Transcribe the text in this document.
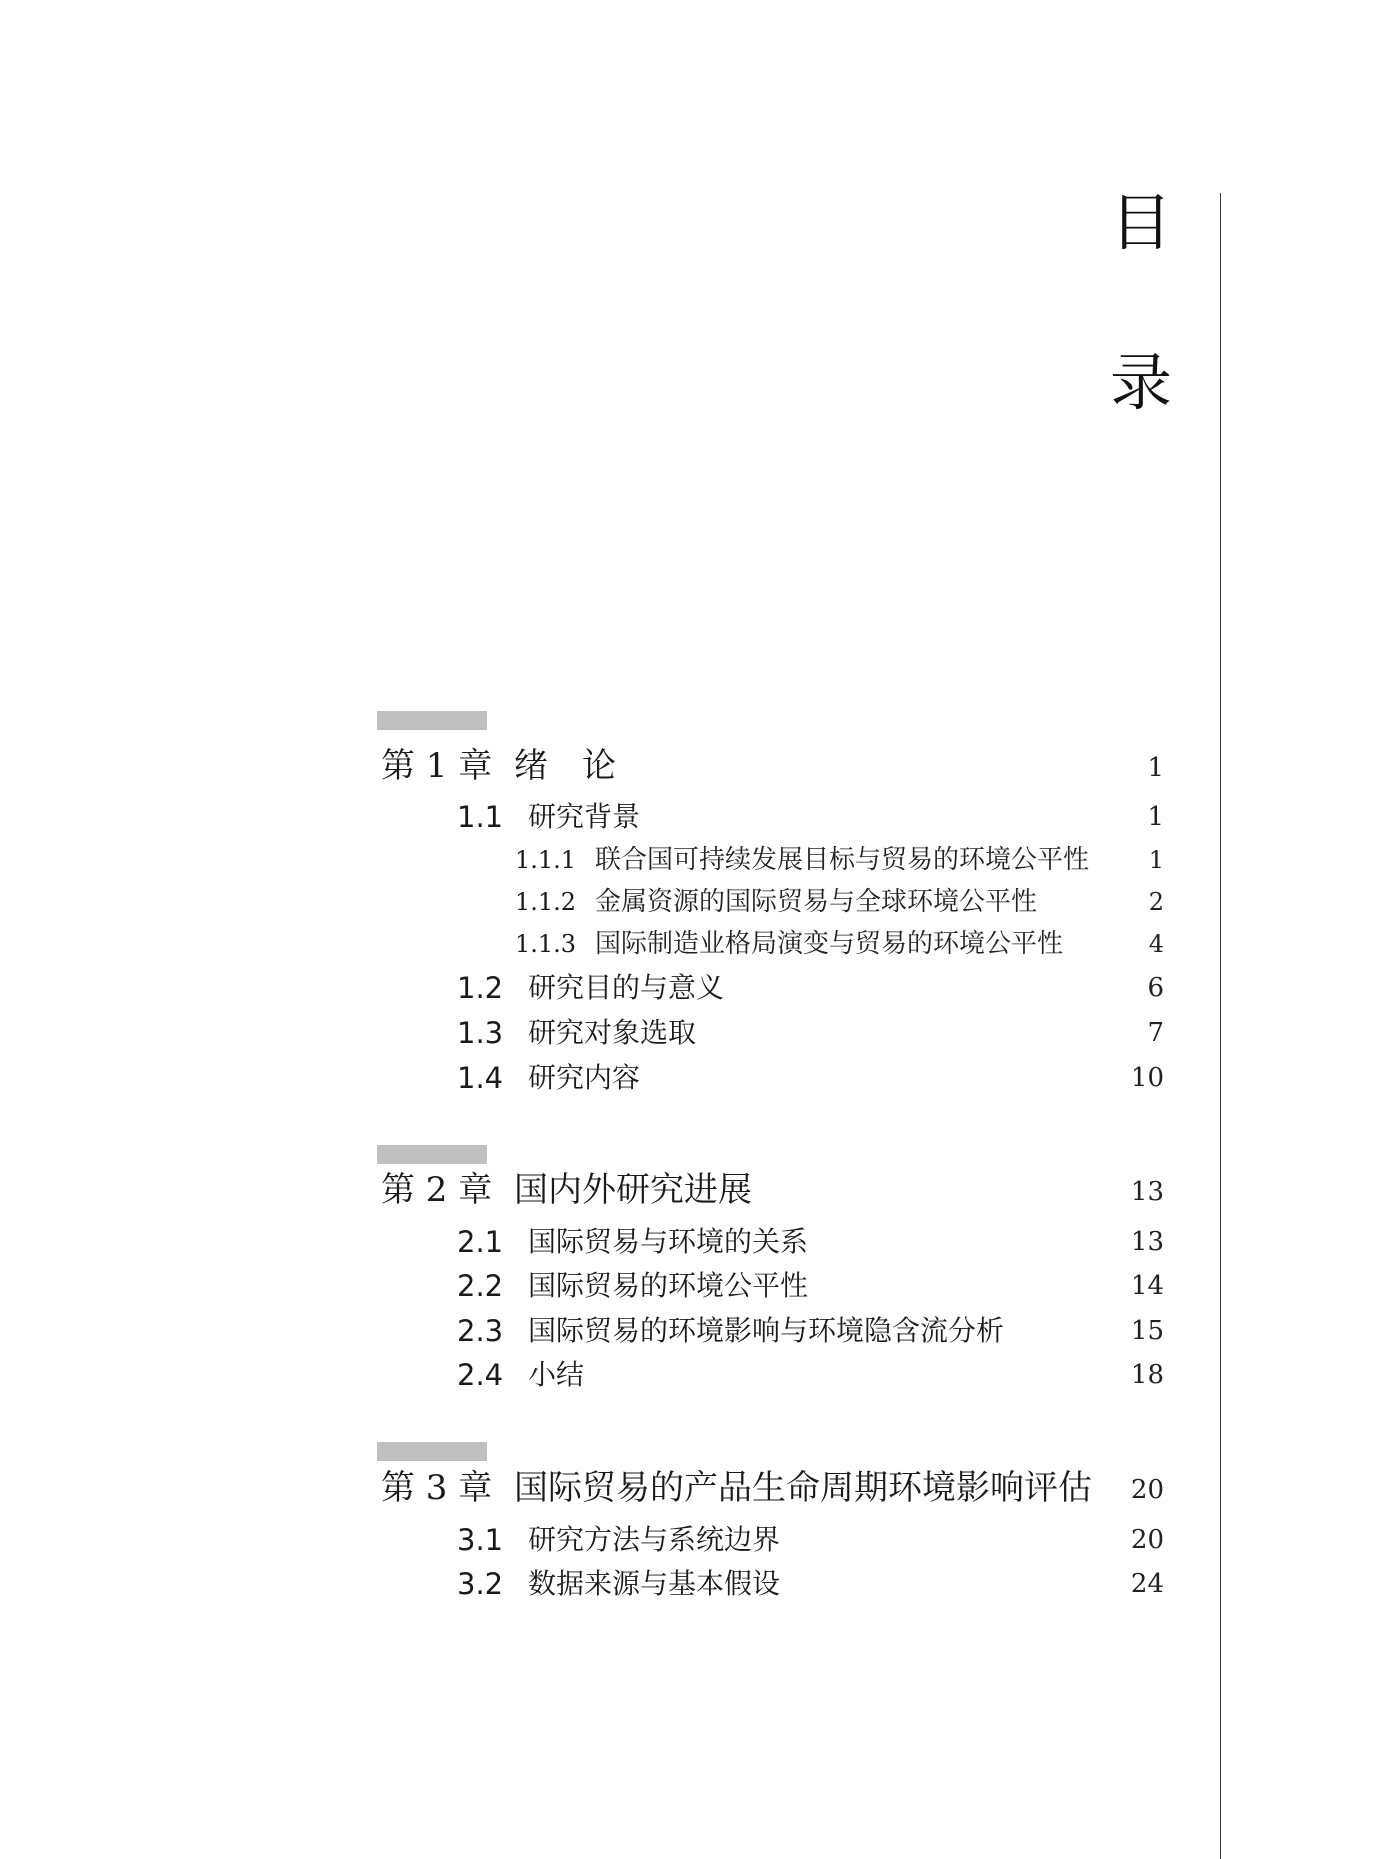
目
录
第 1 章 绪　论	1
1.1 研究背景	1
1.1.1 联合国可持续发展目标与贸易的环境公平性 1
1.1.2 金属资源的国际贸易与全球环境公平性	2
1.1.3 国际制造业格局演变与贸易的环境公平性	4
1.2 研究目的与意义	6
1.3 研究对象选取	7
1.4 研究内容	10
第 2 章 国内外研究进展	13
2.1 国际贸易与环境的关系	13
2.2 国际贸易的环境公平性	14
2.3 国际贸易的环境影响与环境隐含流分析	15
2.4 小结	18
第 3 章 国际贸易的产品生命周期环境影响评估 20
3.1 研究方法与系统边界	20
3.2 数据来源与基本假设	24
